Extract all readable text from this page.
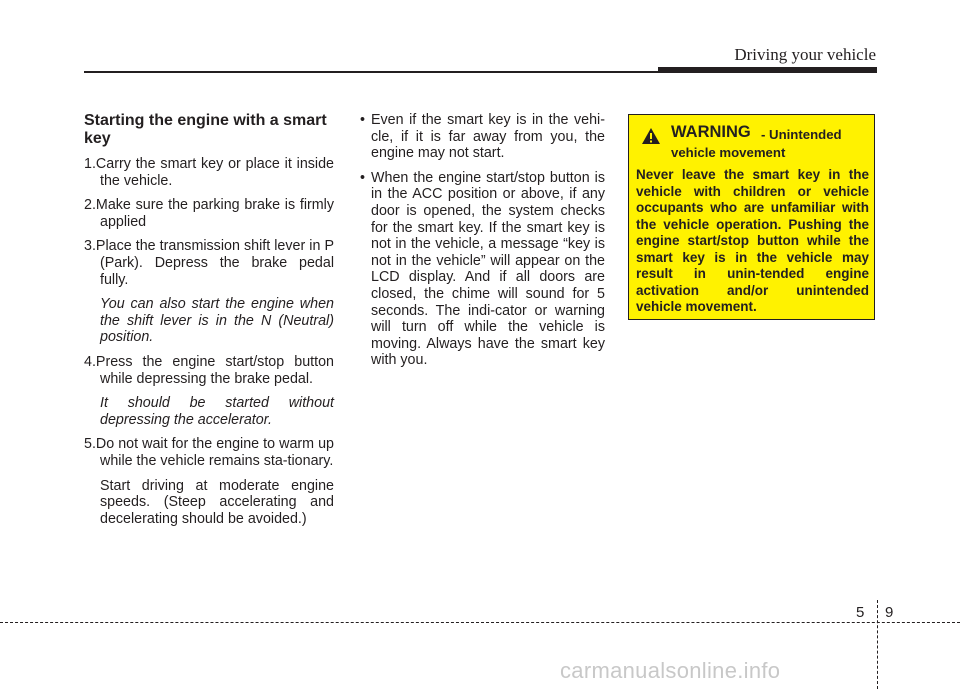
Driving your vehicle
Starting the engine with a smart key
1.Carry the smart key or place it inside the vehicle.
2.Make sure the parking brake is firmly applied
3.Place the transmission shift lever in P (Park). Depress the brake pedal fully.
You can also start the engine when the shift lever is in the N (Neutral) position.
4.Press the engine start/stop button while depressing the brake pedal.
It should be started without depressing the accelerator.
5.Do not wait for the engine to warm up while the vehicle remains sta-tionary.
Start driving at moderate engine speeds. (Steep accelerating and decelerating should be avoided.)
• Even if the smart key is in the vehi-cle, if it is far away from you, the engine may not start.
• When the engine start/stop button is in the ACC position or above, if any door is opened, the system checks for the smart key. If the smart key is not in the vehicle, a message “key is not in the vehicle” will appear on the LCD display. And if all doors are closed, the chime will sound for 5 seconds. The indi-cator or warning will turn off while the vehicle is moving. Always have the smart key with you.
WARNING - Unintended
vehicle movement
Never leave the smart key in the vehicle with children or vehicle occupants who are unfamiliar with the vehicle operation. Pushing the engine start/stop button while the smart key is in the vehicle may result in unin-tended engine activation and/or unintended vehicle movement.
5 9
carmanualsonline.info
